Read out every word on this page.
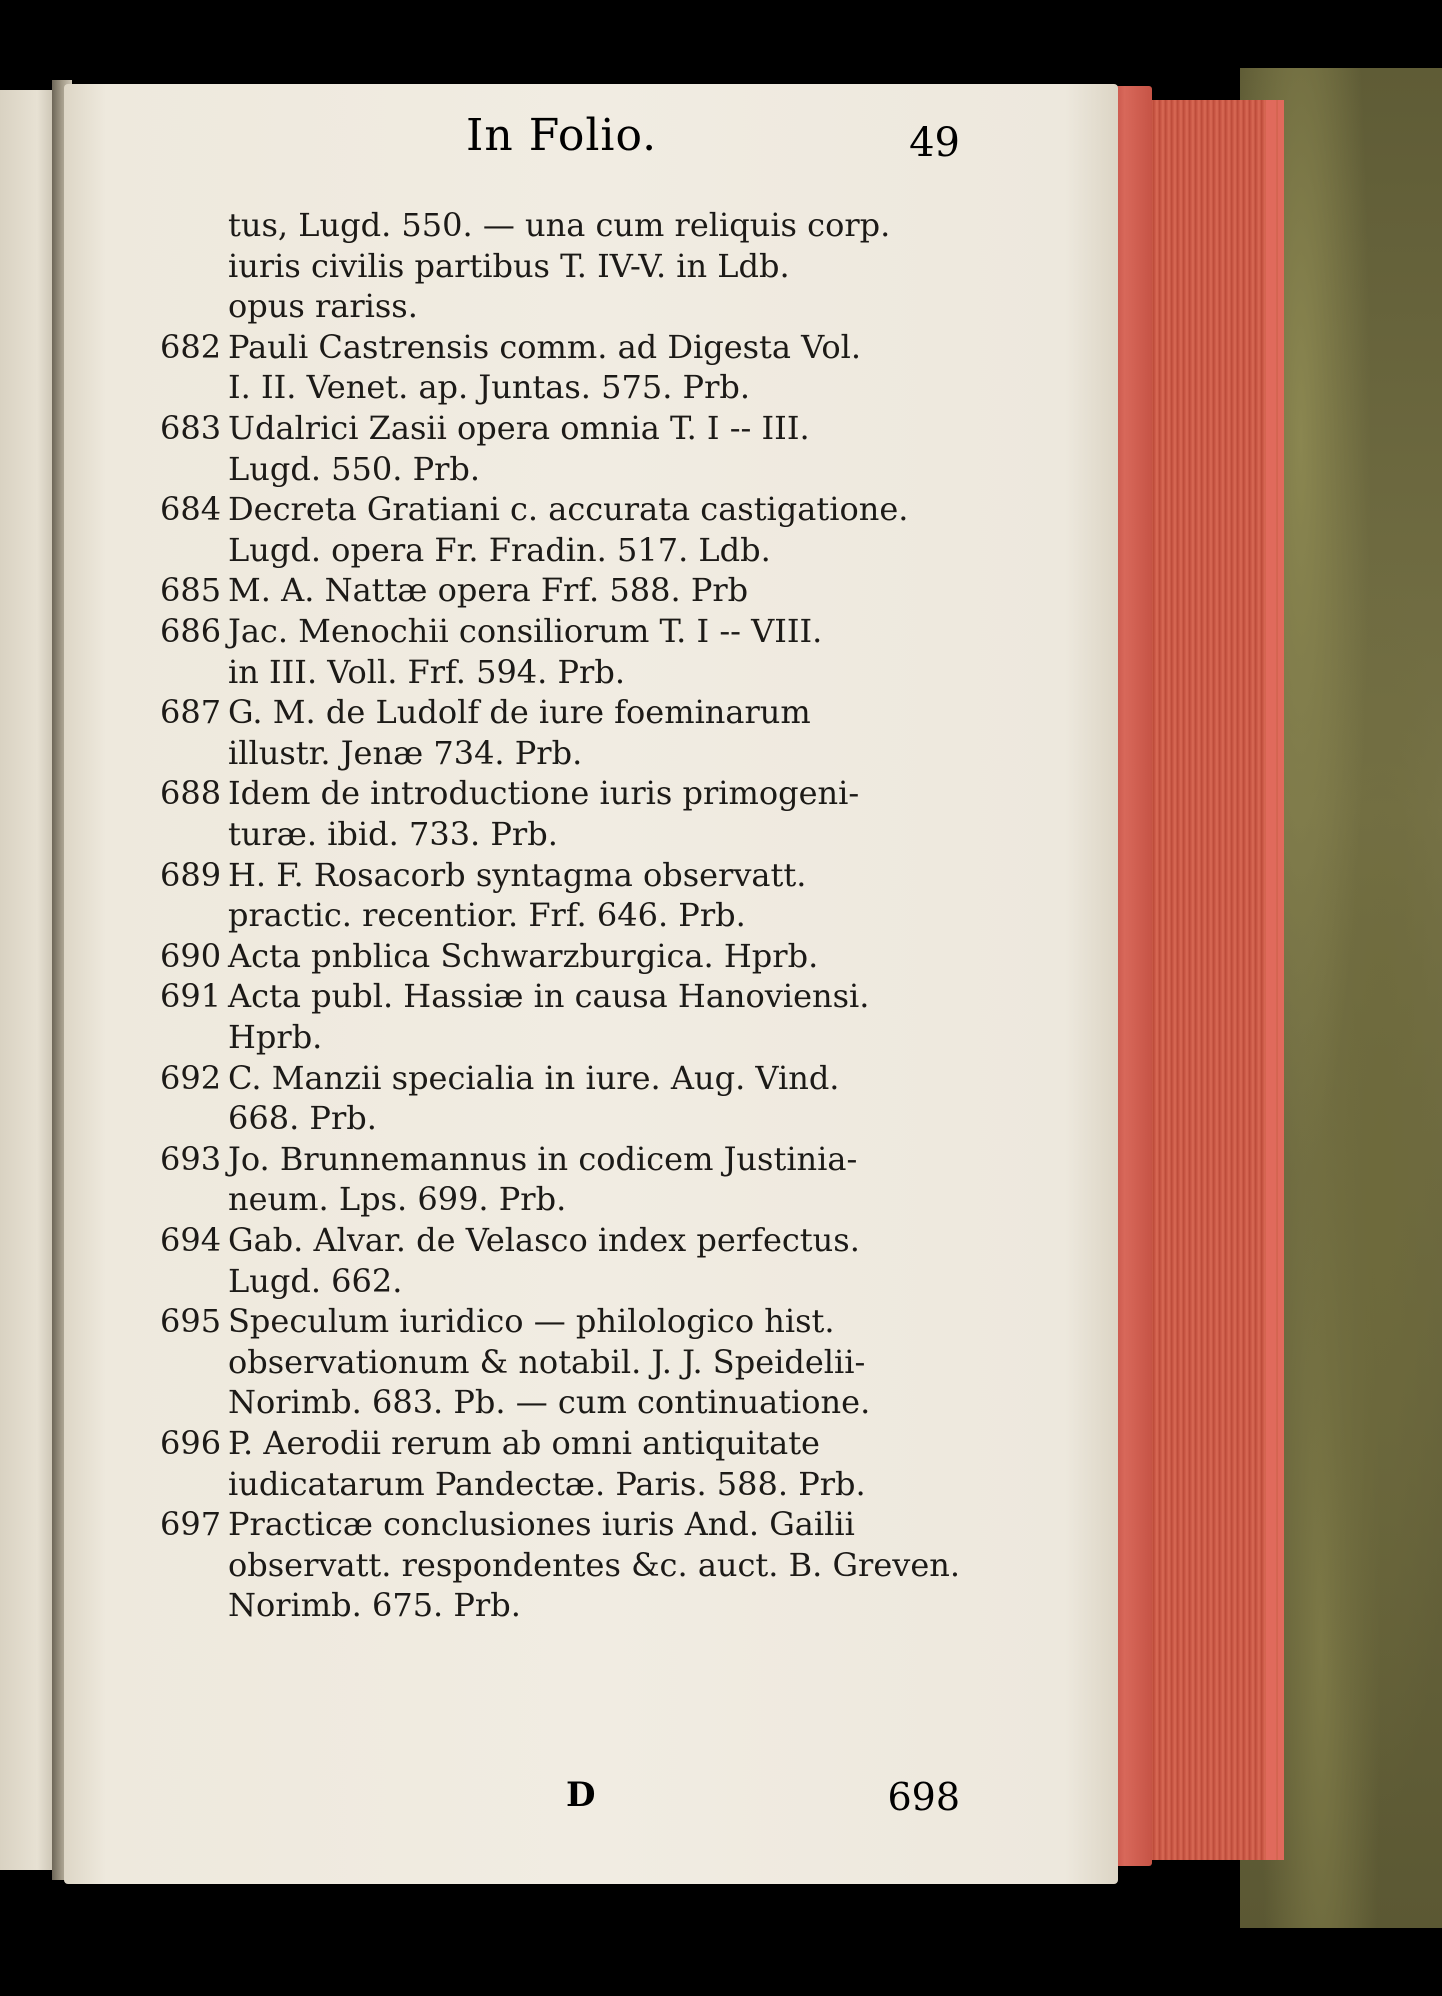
In Folio.	49
tus, Lugd. 550. — una cum reliquis corp.
iuris civilis partibus T. IV-V. in Ldb.
opus rariss.
682 Pauli Castrensis comm. ad Digesta Vol.
I. II. Venet. ap. Juntas. 575. Prb.
683 Udalrici Zasii opera omnia T. I -- III.
Lugd. 550. Prb.
684 Decreta Gratiani c. accurata castigatione.
Lugd. opera Fr. Fradin. 517. Ldb.
685 M. A. Nattæ opera Frf. 588. Prb
686 Jac. Menochii consiliorum T. I -- VIII.
in III. Voll. Frf. 594. Prb.
687 G. M. de Ludolf de iure foeminarum
illustr. Jenæ 734. Prb.
688 Idem de introductione iuris primogeni-
turæ. ibid. 733. Prb.
689 H. F. Rosacorb syntagma observatt.
practic. recentior. Frf. 646. Prb.
690 Acta pnblica Schwarzburgica. Hprb.
691 Acta publ. Hassiæ in causa Hanoviensi.
Hprb.
692 C. Manzii specialia in iure. Aug. Vind.
668. Prb.
693 Jo. Brunnemannus in codicem Justinia-
neum. Lps. 699. Prb.
694 Gab. Alvar. de Velasco index perfectus.
Lugd. 662.
695 Speculum iuridico — philologico hist.
observationum & notabil. J. J. Speidelii-
Norimb. 683. Pb. — cum continuatione.
696 P. Aerodii rerum ab omni antiquitate
iudicatarum Pandectæ. Paris. 588. Prb.
697 Practicæ conclusiones iuris And. Gailii
observatt. respondentes &c. auct. B. Greven.
Norimb. 675. Prb.
D	698
